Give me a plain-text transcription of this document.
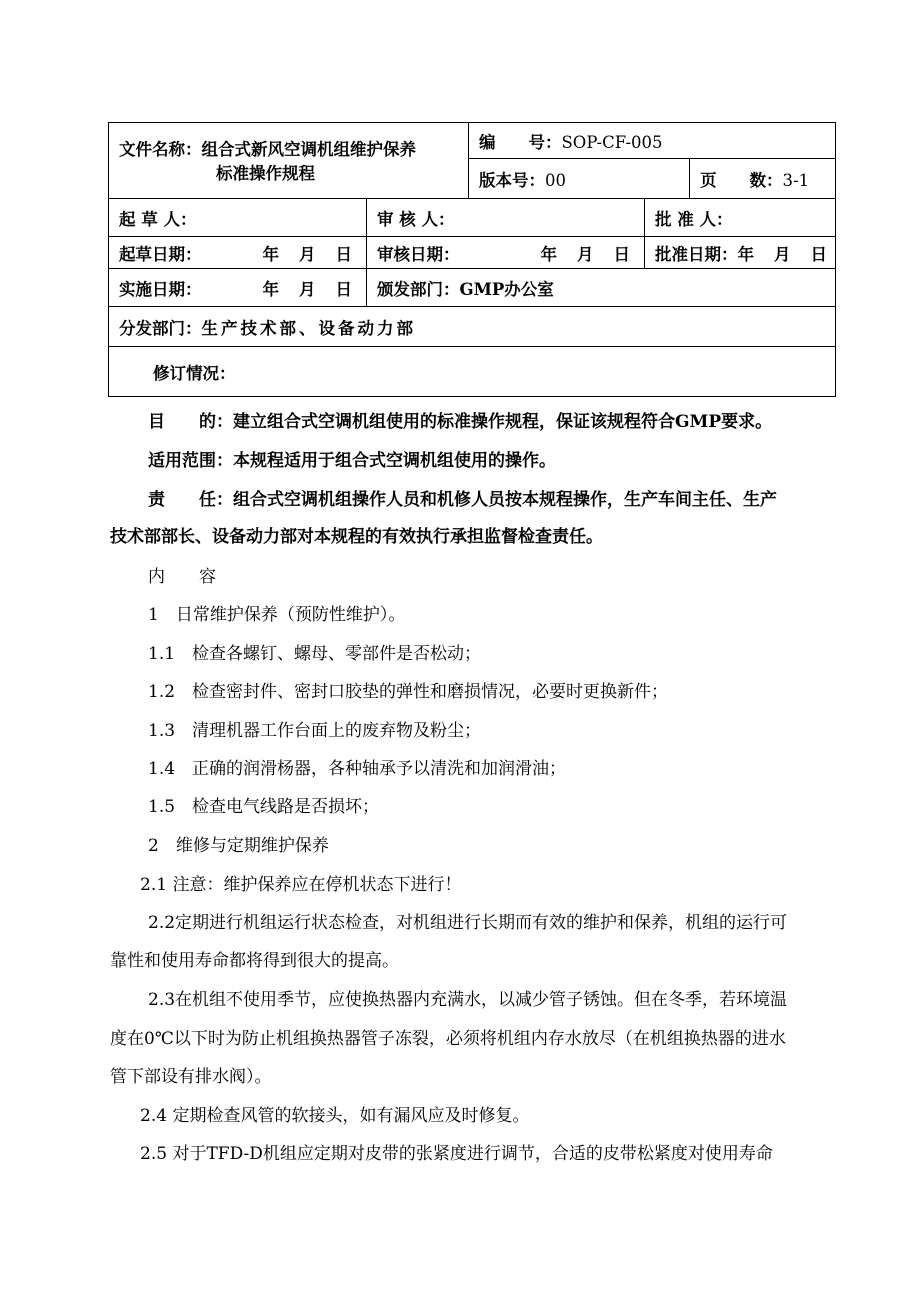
文件名称：组合式新风空调机组维护保养
标准操作规程		编　　号：SOP-CF-005		
		版本号：00		页　　数：3-1
起 草 人：	审 核 人：		批 准 人：	

起草日期： 年 月 日	审核日期： 年 月 日		批准日期： 年 月 日	

实施日期： 年 月 日	颁发部门：GMP办公室			
分发部门：生产技术部、设备动力部				
修订情况：				
目　　的：建立组合式空调机组使用的标准操作规程，保证该规程符合GMP要求。
适用范围：本规程适用于组合式空调机组使用的操作。
责　　任：组合式空调机组操作人员和机修人员按本规程操作，生产车间主任、生产
技术部部长、设备动力部对本规程的有效执行承担监督检查责任。
内　　容
1　日常维护保养（预防性维护）。
1.1　检查各螺钉、螺母、零部件是否松动；
1.2　检查密封件、密封口胶垫的弹性和磨损情况，必要时更换新件；
1.3　清理机器工作台面上的废弃物及粉尘；
1.4　正确的润滑杨器，各种轴承予以清洗和加润滑油；
1.5　检查电气线路是否损坏；
2　维修与定期维护保养
2.1 注意：维护保养应在停机状态下进行！
2.2定期进行机组运行状态检查，对机组进行长期而有效的维护和保养，机组的运行可
靠性和使用寿命都将得到很大的提高。
2.3在机组不使用季节，应使换热器内充满水，以减少管子锈蚀。但在冬季，若环境温
度在0℃以下时为防止机组换热器管子冻裂，必须将机组内存水放尽（在机组换热器的进水
管下部设有排水阀）。
2.4 定期检查风管的软接头，如有漏风应及时修复。
2.5 对于TFD-D机组应定期对皮带的张紧度进行调节，合适的皮带松紧度对使用寿命
